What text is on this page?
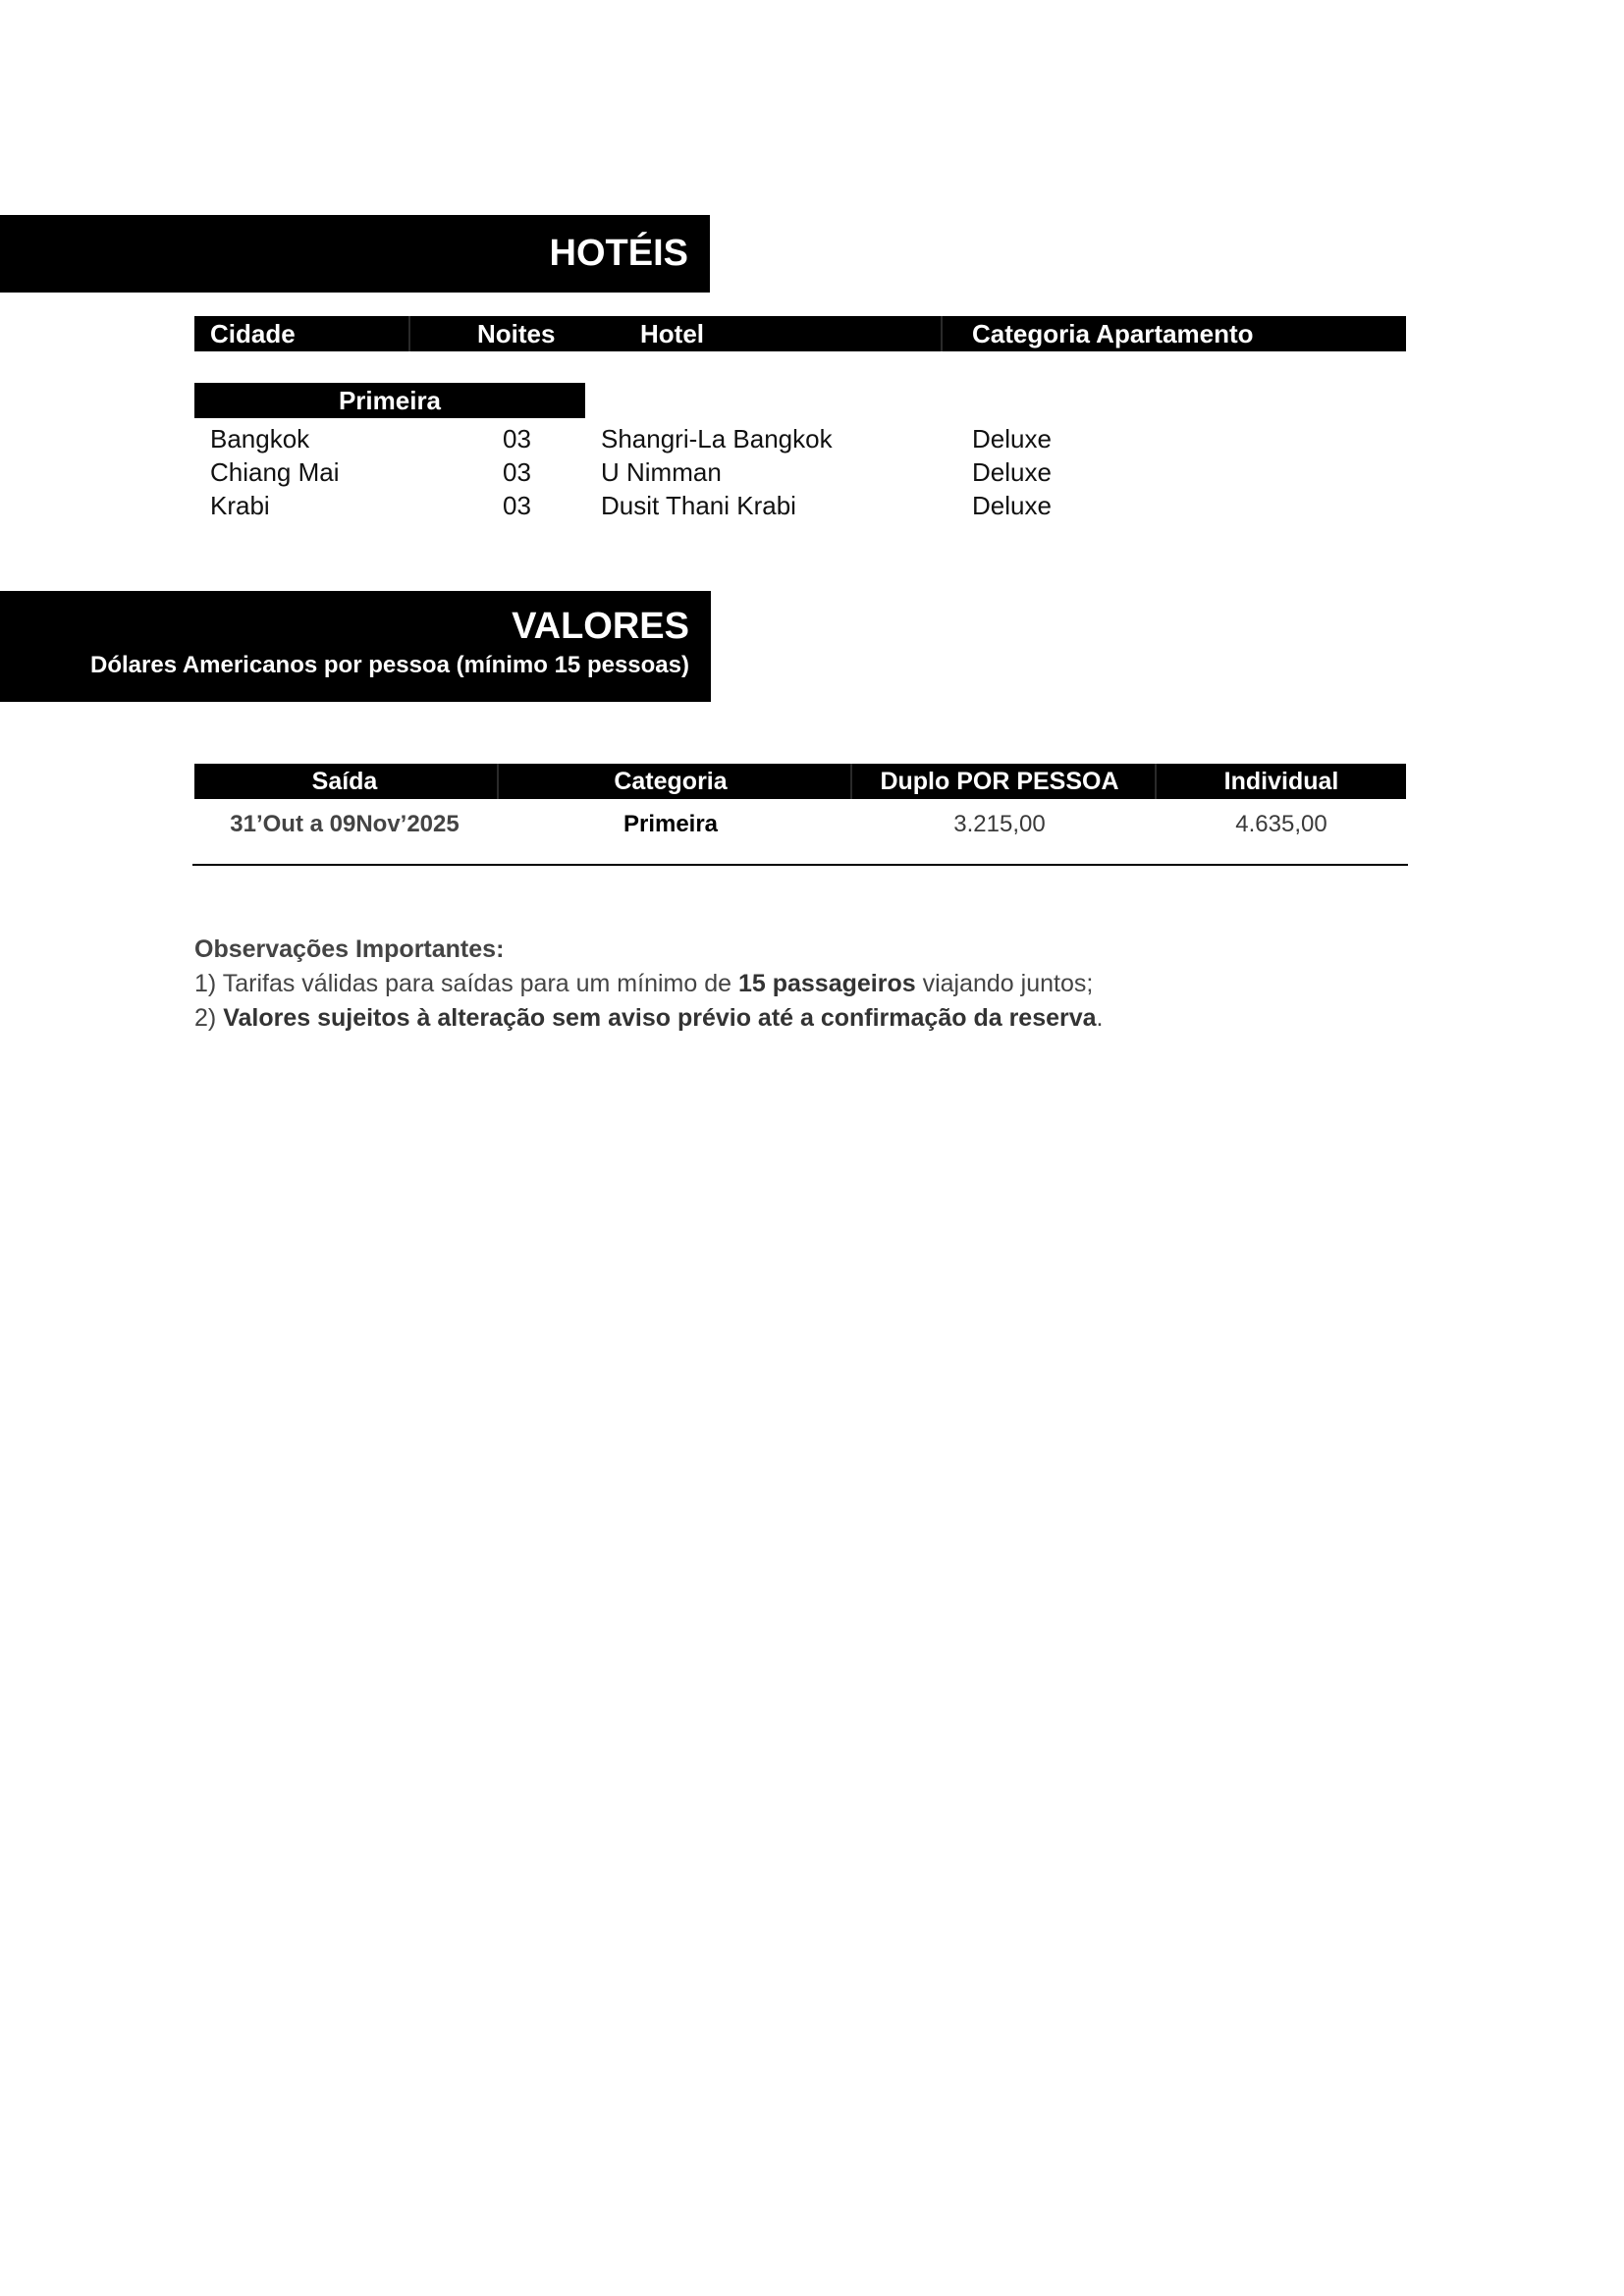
HOTÉIS
Cidade	Noites	Hotel	Categoria Apartamento
Primeira
Bangkok	03	Shangri-La Bangkok	Deluxe
Chiang Mai	03	U Nimman	Deluxe
Krabi	03	Dusit Thani Krabi	Deluxe
VALORES
Dólares Americanos por pessoa (mínimo 15 pessoas)
Saída	Categoria	Duplo POR PESSOA	Individual
31’Out a 09Nov’2025	Primeira	3.215,00	4.635,00
Observações Importantes:
1) Tarifas válidas para saídas para um mínimo de 15 passageiros viajando juntos;
2) Valores sujeitos à alteração sem aviso prévio até a confirmação da reserva.
